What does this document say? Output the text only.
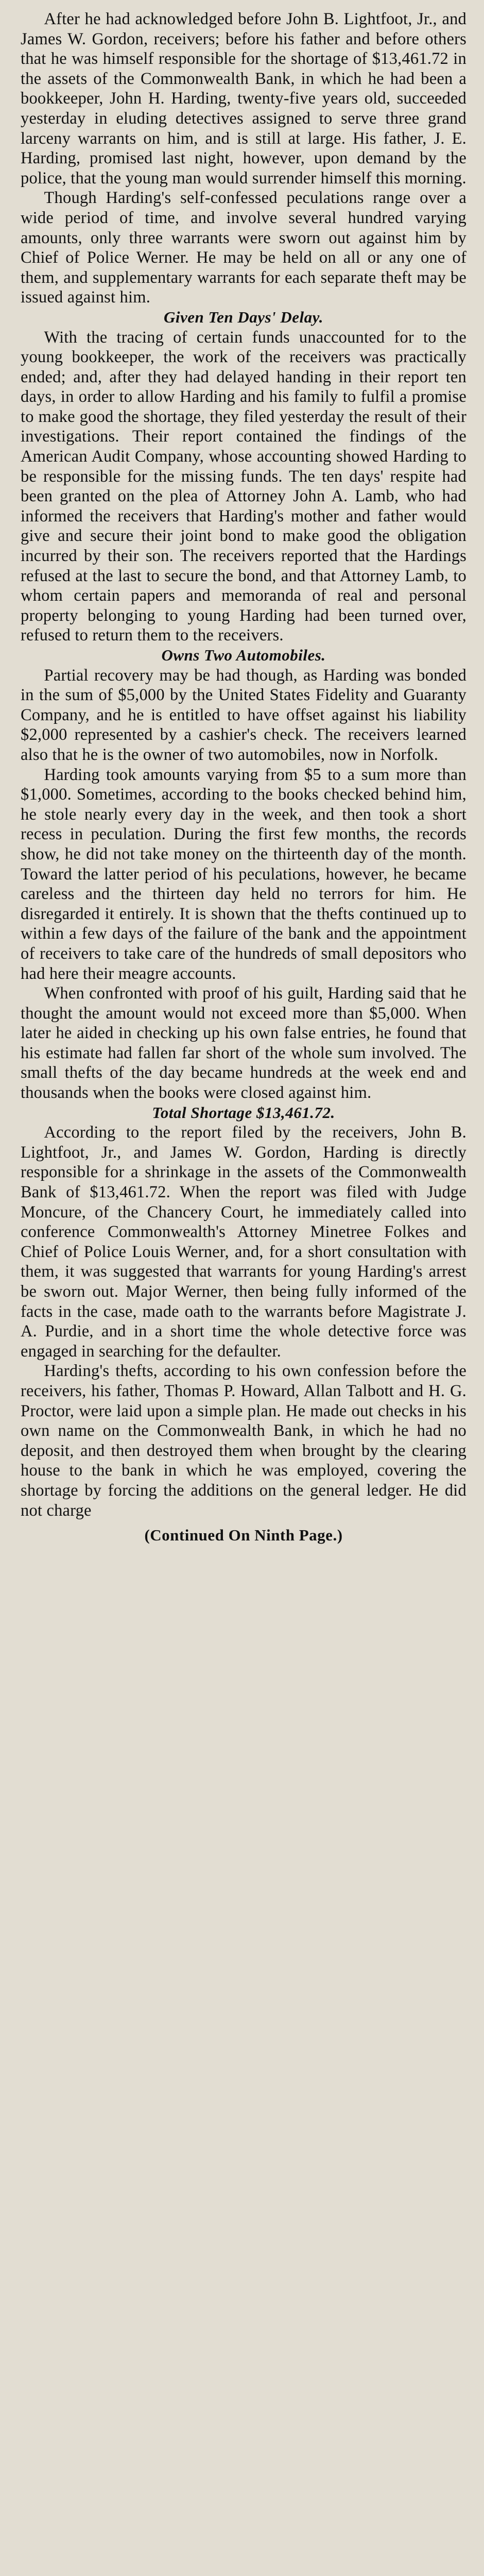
After he had acknowledged before John B. Lightfoot, Jr., and James W. Gordon, receivers; before his father and before others that he was himself responsible for the shortage of $13,461.72 in the assets of the Commonwealth Bank, in which he had been a bookkeeper, John H. Harding, twenty-five years old, succeeded yesterday in eluding detectives assigned to serve three grand larceny warrants on him, and is still at large. His father, J. E. Harding, promised last night, however, upon demand by the police, that the young man would surrender himself this morning.

Though Harding's self-confessed peculations range over a wide period of time, and involve several hundred varying amounts, only three warrants were sworn out against him by Chief of Police Werner. He may be held on all or any one of them, and supplementary warrants for each separate theft may be issued against him.

Given Ten Days' Delay.

With the tracing of certain funds unaccounted for to the young bookkeeper, the work of the receivers was practically ended; and, after they had delayed handing in their report ten days, in order to allow Harding and his family to fulfil a promise to make good the shortage, they filed yesterday the result of their investigations. Their report contained the findings of the American Audit Company, whose accounting showed Harding to be responsible for the missing funds. The ten days' respite had been granted on the plea of Attorney John A. Lamb, who had informed the receivers that Harding's mother and father would give and secure their joint bond to make good the obligation incurred by their son. The receivers reported that the Hardings refused at the last to secure the bond, and that Attorney Lamb, to whom certain papers and memoranda of real and personal property belonging to young Harding had been turned over, refused to return them to the receivers.

Owns Two Automobiles.

Partial recovery may be had though, as Harding was bonded in the sum of $5,000 by the United States Fidelity and Guaranty Company, and he is entitled to have offset against his liability $2,000 represented by a cashier's check. The receivers learned also that he is the owner of two automobiles, now in Norfolk.

Harding took amounts varying from $5 to a sum more than $1,000. Sometimes, according to the books checked behind him, he stole nearly every day in the week, and then took a short recess in peculation. During the first few months, the records show, he did not take money on the thirteenth day of the month. Toward the latter period of his peculations, however, he became careless and the thirteen day held no terrors for him. He disregarded it entirely. It is shown that the thefts continued up to within a few days of the failure of the bank and the appointment of receivers to take care of the hundreds of small depositors who had here their meagre accounts.

When confronted with proof of his guilt, Harding said that he thought the amount would not exceed more than $5,000. When later he aided in checking up his own false entries, he found that his estimate had fallen far short of the whole sum involved. The small thefts of the day became hundreds at the week end and thousands when the books were closed against him.

Total Shortage $13,461.72.

According to the report filed by the receivers, John B. Lightfoot, Jr., and James W. Gordon, Harding is directly responsible for a shrinkage in the assets of the Commonwealth Bank of $13,461.72. When the report was filed with Judge Moncure, of the Chancery Court, he immediately called into conference Commonwealth's Attorney Minetree Folkes and Chief of Police Louis Werner, and, for a short consultation with them, it was suggested that warrants for young Harding's arrest be sworn out. Major Werner, then being fully informed of the facts in the case, made oath to the warrants before Magistrate J. A. Purdie, and in a short time the whole detective force was engaged in searching for the defaulter.

Harding's thefts, according to his own confession before the receivers, his father, Thomas P. Howard, Allan Talbott and H. G. Proctor, were laid upon a simple plan. He made out checks in his own name on the Commonwealth Bank, in which he had no deposit, and then destroyed them when brought by the clearing house to the bank in which he was employed, covering the shortage by forcing the additions on the general ledger. He did not charge

(Continued On Ninth Page.)
